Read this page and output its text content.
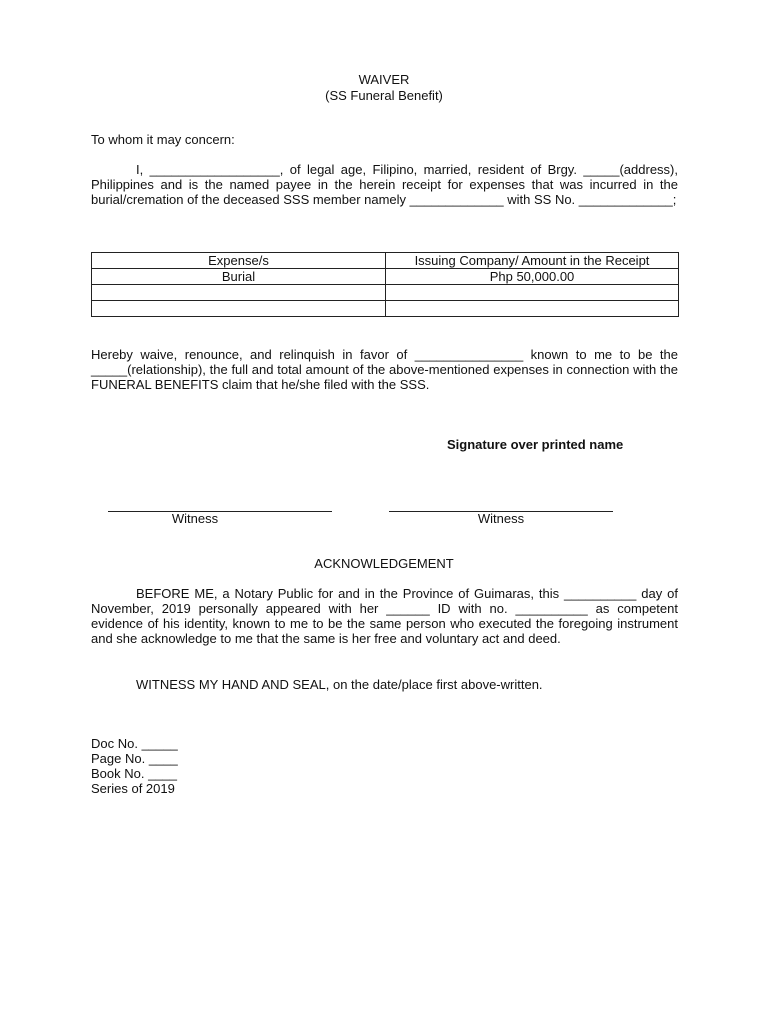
WAIVER
(SS Funeral Benefit)
To whom it may concern:
I, __________________, of legal age, Filipino, married, resident of Brgy. _____(address), Philippines and is the named payee in the herein receipt for expenses that was incurred in the burial/cremation of the deceased SSS member namely _____________ with SS No. _____________;
Expense/s	Issuing Company/ Amount in the Receipt
Burial	Php 50,000.00

Hereby waive, renounce, and relinquish in favor of _______________ known to me to be the _____(relationship), the full and total amount of the above-mentioned expenses in connection with the FUNERAL BENEFITS claim that he/she filed with the SSS.
Signature over printed name
Witness	Witness
ACKNOWLEDGEMENT
BEFORE ME, a Notary Public for and in the Province of Guimaras, this __________ day of November, 2019 personally appeared with her ______ ID with no. __________ as competent evidence of his identity, known to me to be the same person who executed the foregoing instrument and she acknowledge to me that the same is her free and voluntary act and deed.
WITNESS MY HAND AND SEAL, on the date/place first above-written.
Doc No. _____
Page No. ____
Book No. ____
Series of 2019
